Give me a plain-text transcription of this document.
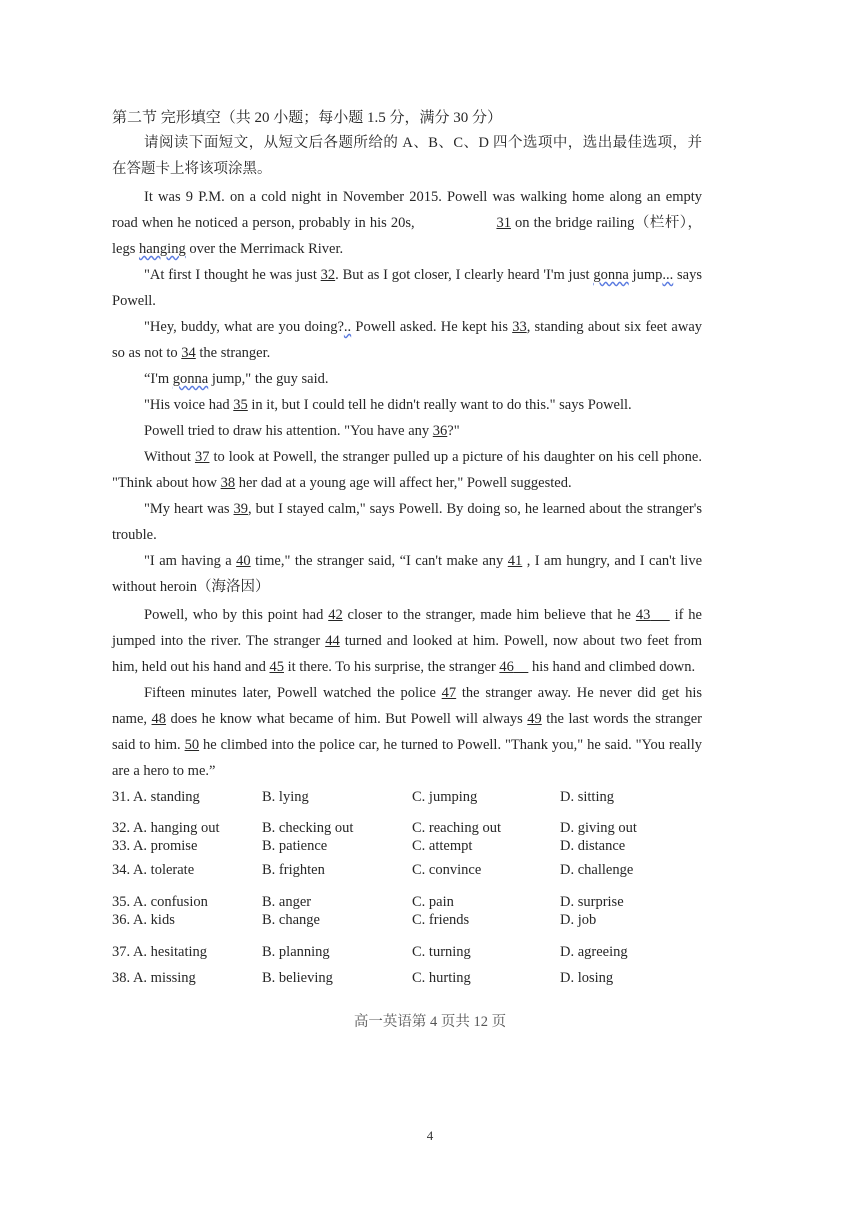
第二节 完形填空（共 20 小题；每小题 1.5 分，满分 30 分）

请阅读下面短文，从短文后各题所给的 A、B、C、D 四个选项中，选出最佳选项，并 在答题卡上将该项涂黑。

It was 9 P.M. on a cold night in November 2015. Powell was walking home along an empty road when he noticed a person, probably in his 20s,	31 on the bridge railing（栏杆），legs hanging over the Merrimack River.

"At first I thought he was just 32. But as I got closer, I clearly heard 'I'm just gonna jump... says Powell.

"Hey, buddy, what are you doing?.. Powell asked. He kept his 33, standing about six feet away so as not to 34 the stranger.

“I'm gonna jump," the guy said.

"His voice had 35 in it, but I could tell he didn't really want to do this." says Powell.

Powell tried to draw his attention. "You have any 36?"

Without 37 to look at Powell, the stranger pulled up a picture of his daughter on his cell phone. "Think about how 38 her dad at a young age will affect her," Powell suggested.

"My heart was 39, but I stayed calm," says Powell. By doing so, he learned about the stranger's trouble.

"I am having a 40 time," the stranger said, “I can't make any 41 , I am hungry, and I can't live without heroin（海洛因）

Powell, who by this point had 42 closer to the stranger, made him believe that he 43     if he jumped into the river. The stranger 44 turned and looked at him. Powell, now about two feet from him, held out his hand and 45 it there. To his surprise, the stranger 46     his hand and climbed down.

Fifteen minutes later, Powell watched the police 47 the stranger away. He never did get his name, 48 does he know what became of him. But Powell will always 49 the last words the stranger said to him. 50 he climbed into the police car, he turned to Powell. "Thank you," he said. "You really are a hero to me.”

31. A. standing	B. lying	C. jumping	D. sitting
32. A. hanging out	B. checking out	C. reaching out	D. giving out
33. A. promise	B. patience	C. attempt	D. distance
34. A. tolerate	B. frighten	C. convince	D. challenge
35. A. confusion	B. anger	C. pain	D. surprise
36. A. kids	B. change	C. friends	D. job
37. A. hesitating	B. planning	C. turning	D. agreeing
38. A. missing	B. believing	C. hurting	D. losing
高一英语第 4 页共 12 页
4
